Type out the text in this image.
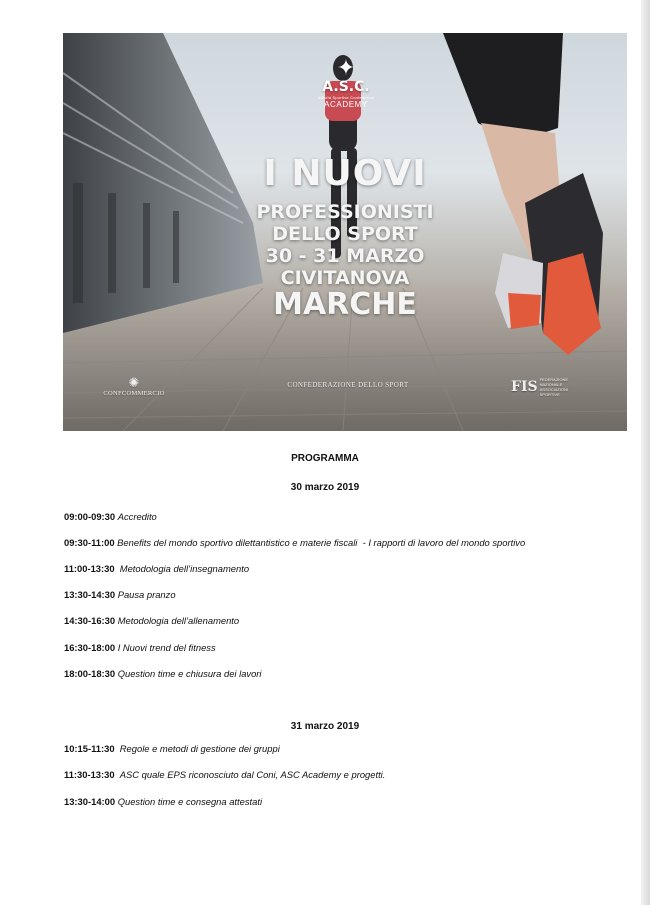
✦
A.S.C.
Attività Sportive Confederate
ACADEMY
I NUOVI
PROFESSIONISTI
DELLO SPORT
30 - 31 MARZO
CIVITANOVA
MARCHE
✺
CONFCOMMERCIO
CONFEDERAZIONE DELLO SPORT	FIS FEDERAZIONE NAZIONALE ASSOCIAZIONI SPORTIVE
PROGRAMMA
30 marzo 2019
09:00-09:30 Accredito
09:30-11:00 Benefits del mondo sportivo dilettantistico e materie fiscali  - I rapporti di lavoro del mondo sportivo
11:00-13:30 Metodologia dell’insegnamento
13:30-14:30 Pausa pranzo
14:30-16:30 Metodologia dell’allenamento
16:30-18:00 I Nuovi trend del fitness
18:00-18:30 Question time e chiusura dei lavori
31 marzo 2019
10:15-11:30 Regole e metodi di gestione dei gruppi
11:30-13:30 ASC quale EPS riconosciuto dal Coni, ASC Academy e progetti.
13:30-14:00 Question time e consegna attestati
